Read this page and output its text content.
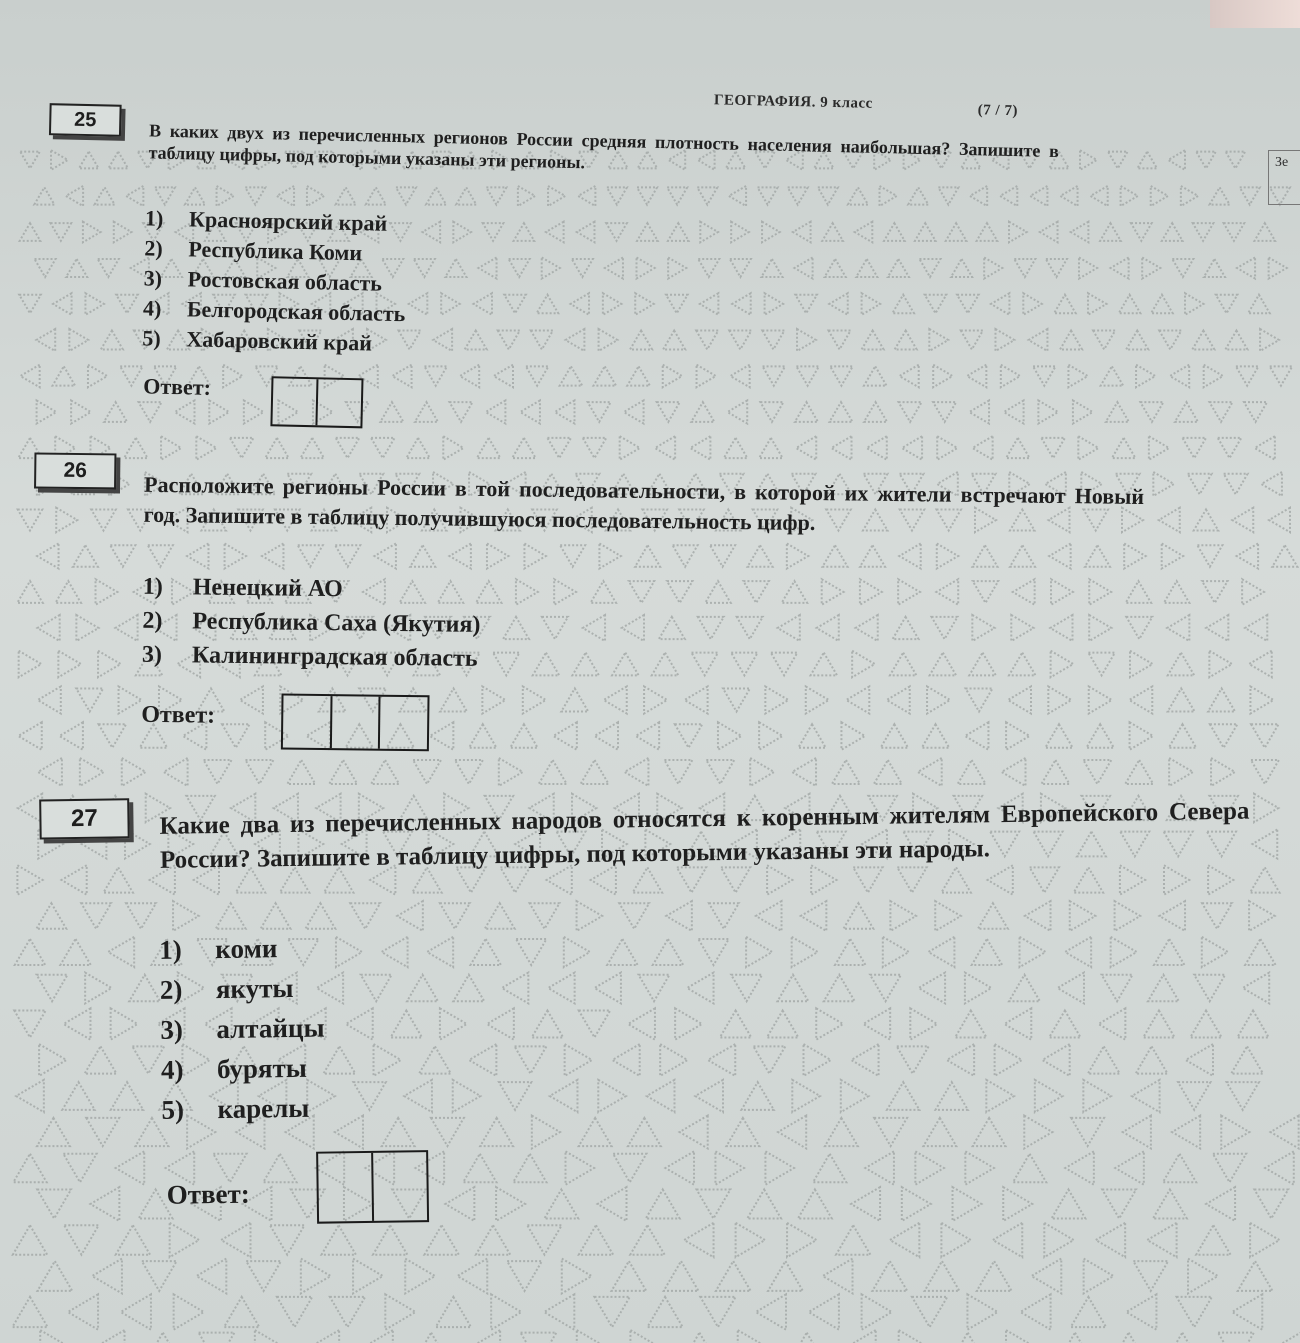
Зе
ГЕОГРАФИЯ. 9 класс	(7 / 7)
25

В каких двух из перечисленных регионов России средняя плотность населения наибольшая? Запишите в таблицу цифры, под которыми указаны эти регионы.

1) Красноярский край
2) Республика Коми
3) Ростовская область
4) Белгородская область
5) Хабаровский край
Ответ:
26

Расположите регионы России в той последовательности, в которой их жители встречают Новый год. Запишите в таблицу получившуюся последовательность цифр.

1) Ненецкий АО
2) Республика Саха (Якутия)
3) Калининградская область
Ответ:
27	Какие два из перечисленных народов относятся к коренным жителям Европейского Севера России? Запишите в таблицу цифры, под которыми указаны эти народы.

1) коми
2) якуты
3) алтайцы
4) буряты
5) карелы
Ответ:
